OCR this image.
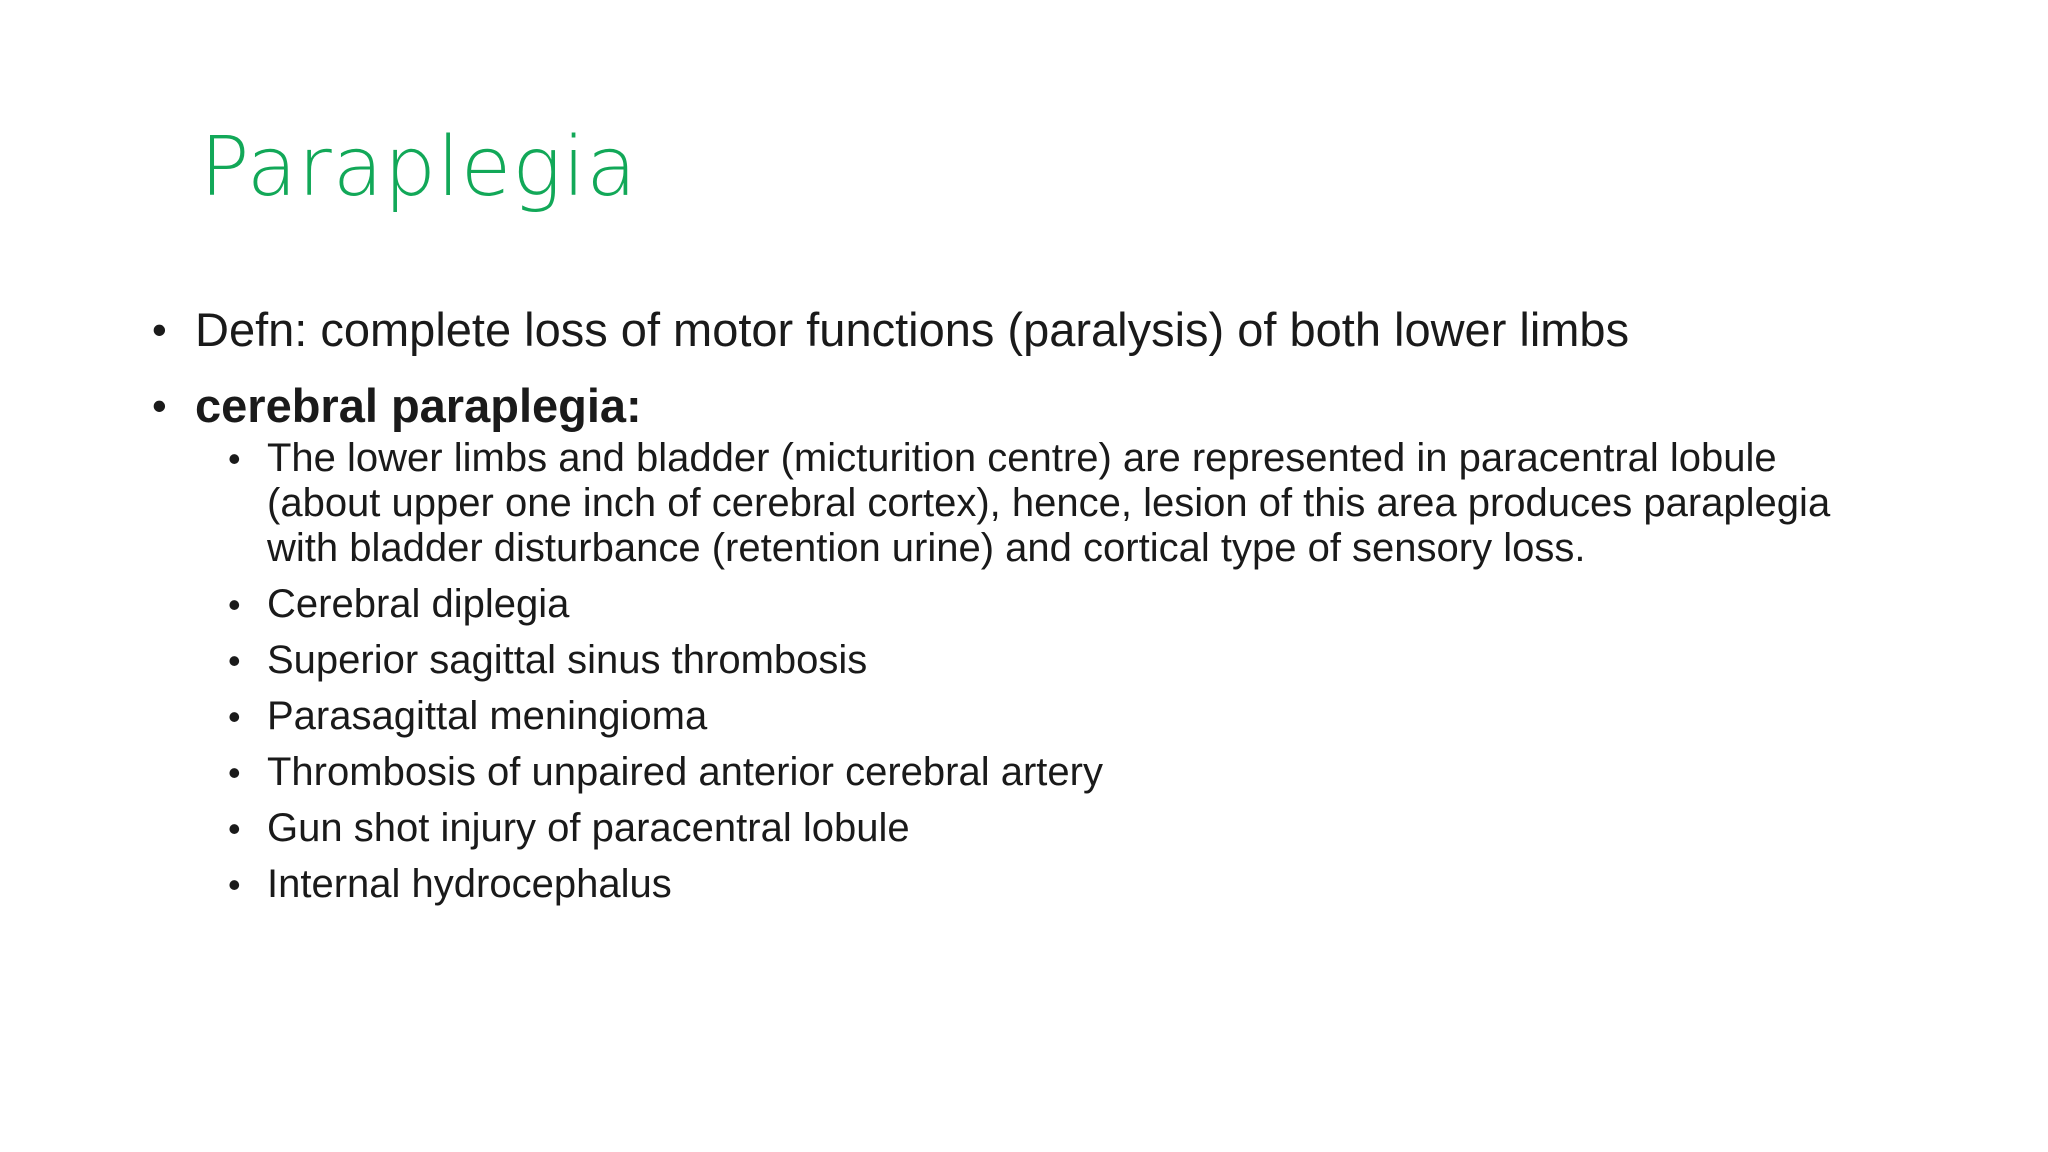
Paraplegia
• Defn: complete loss of motor functions (paralysis) of both lower limbs
• cerebral paraplegia:
• The lower limbs and bladder (micturition centre) are represented in paracentral lobule (about upper one inch of cerebral cortex), hence, lesion of this area produces paraplegia with bladder disturbance (retention urine) and cortical type of sensory loss.
• Cerebral diplegia
• Superior sagittal sinus thrombosis
• Parasagittal meningioma
• Thrombosis of unpaired anterior cerebral artery
• Gun shot injury of paracentral lobule
• Internal hydrocephalus
